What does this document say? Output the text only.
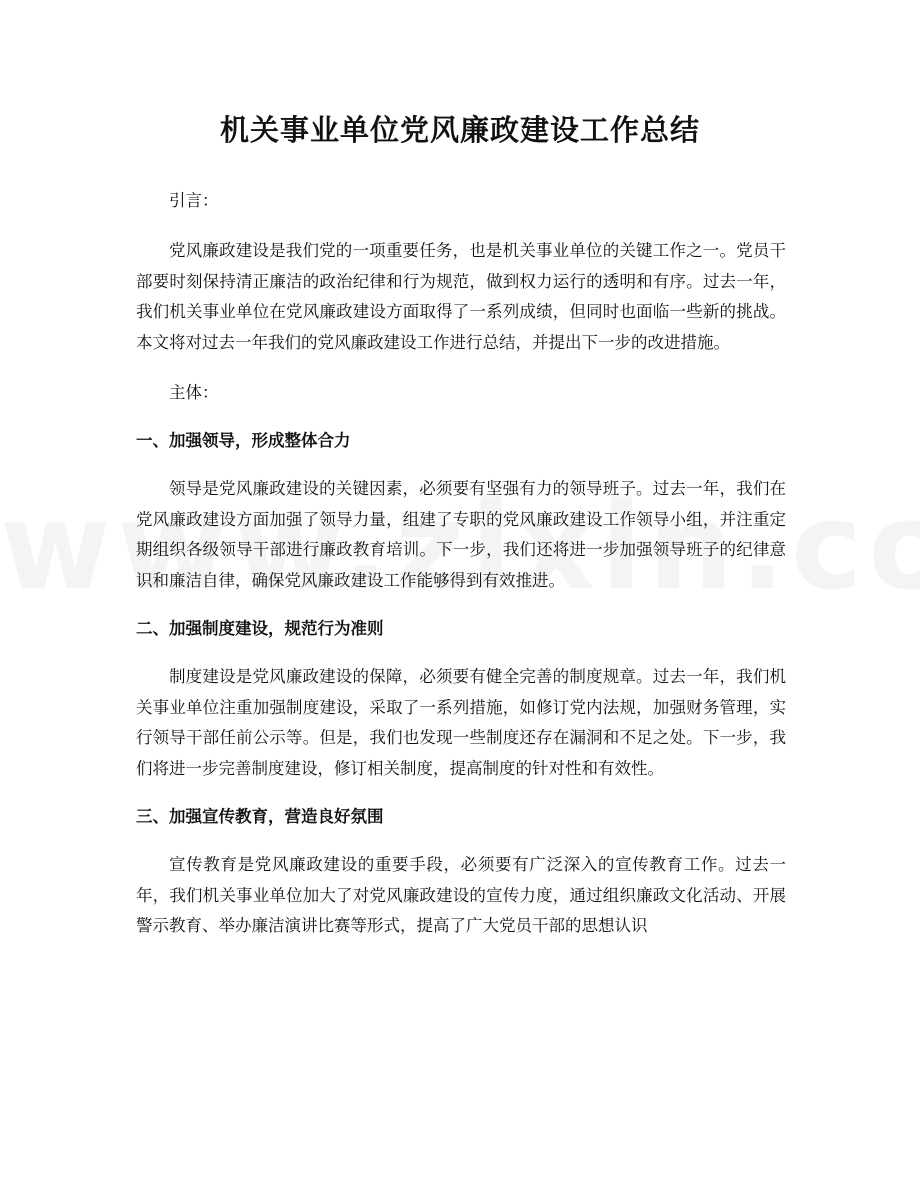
机关事业单位党风廉政建设工作总结

引言：

党风廉政建设是我们党的一项重要任务，也是机关事业单位的关键工作之一。党员干部要时刻保持清正廉洁的政治纪律和行为规范，做到权力运行的透明和有序。过去一年，我们机关事业单位在党风廉政建设方面取得了一系列成绩，但同时也面临一些新的挑战。本文将对过去一年我们的党风廉政建设工作进行总结，并提出下一步的改进措施。

主体：

一、加强领导，形成整体合力

领导是党风廉政建设的关键因素，必须要有坚强有力的领导班子。过去一年，我们在党风廉政建设方面加强了领导力量，组建了专职的党风廉政建设工作领导小组，并注重定期组织各级领导干部进行廉政教育培训。下一步，我们还将进一步加强领导班子的纪律意识和廉洁自律，确保党风廉政建设工作能够得到有效推进。

二、加强制度建设，规范行为准则

制度建设是党风廉政建设的保障，必须要有健全完善的制度规章。过去一年，我们机关事业单位注重加强制度建设，采取了一系列措施，如修订党内法规，加强财务管理，实行领导干部任前公示等。但是，我们也发现一些制度还存在漏洞和不足之处。下一步，我们将进一步完善制度建设，修订相关制度，提高制度的针对性和有效性。

三、加强宣传教育，营造良好氛围

宣传教育是党风廉政建设的重要手段，必须要有广泛深入的宣传教育工作。过去一年，我们机关事业单位加大了对党风廉政建设的宣传力度，通过组织廉政文化活动、开展警示教育、举办廉洁演讲比赛等形式，提高了广大党员干部的思想认识
